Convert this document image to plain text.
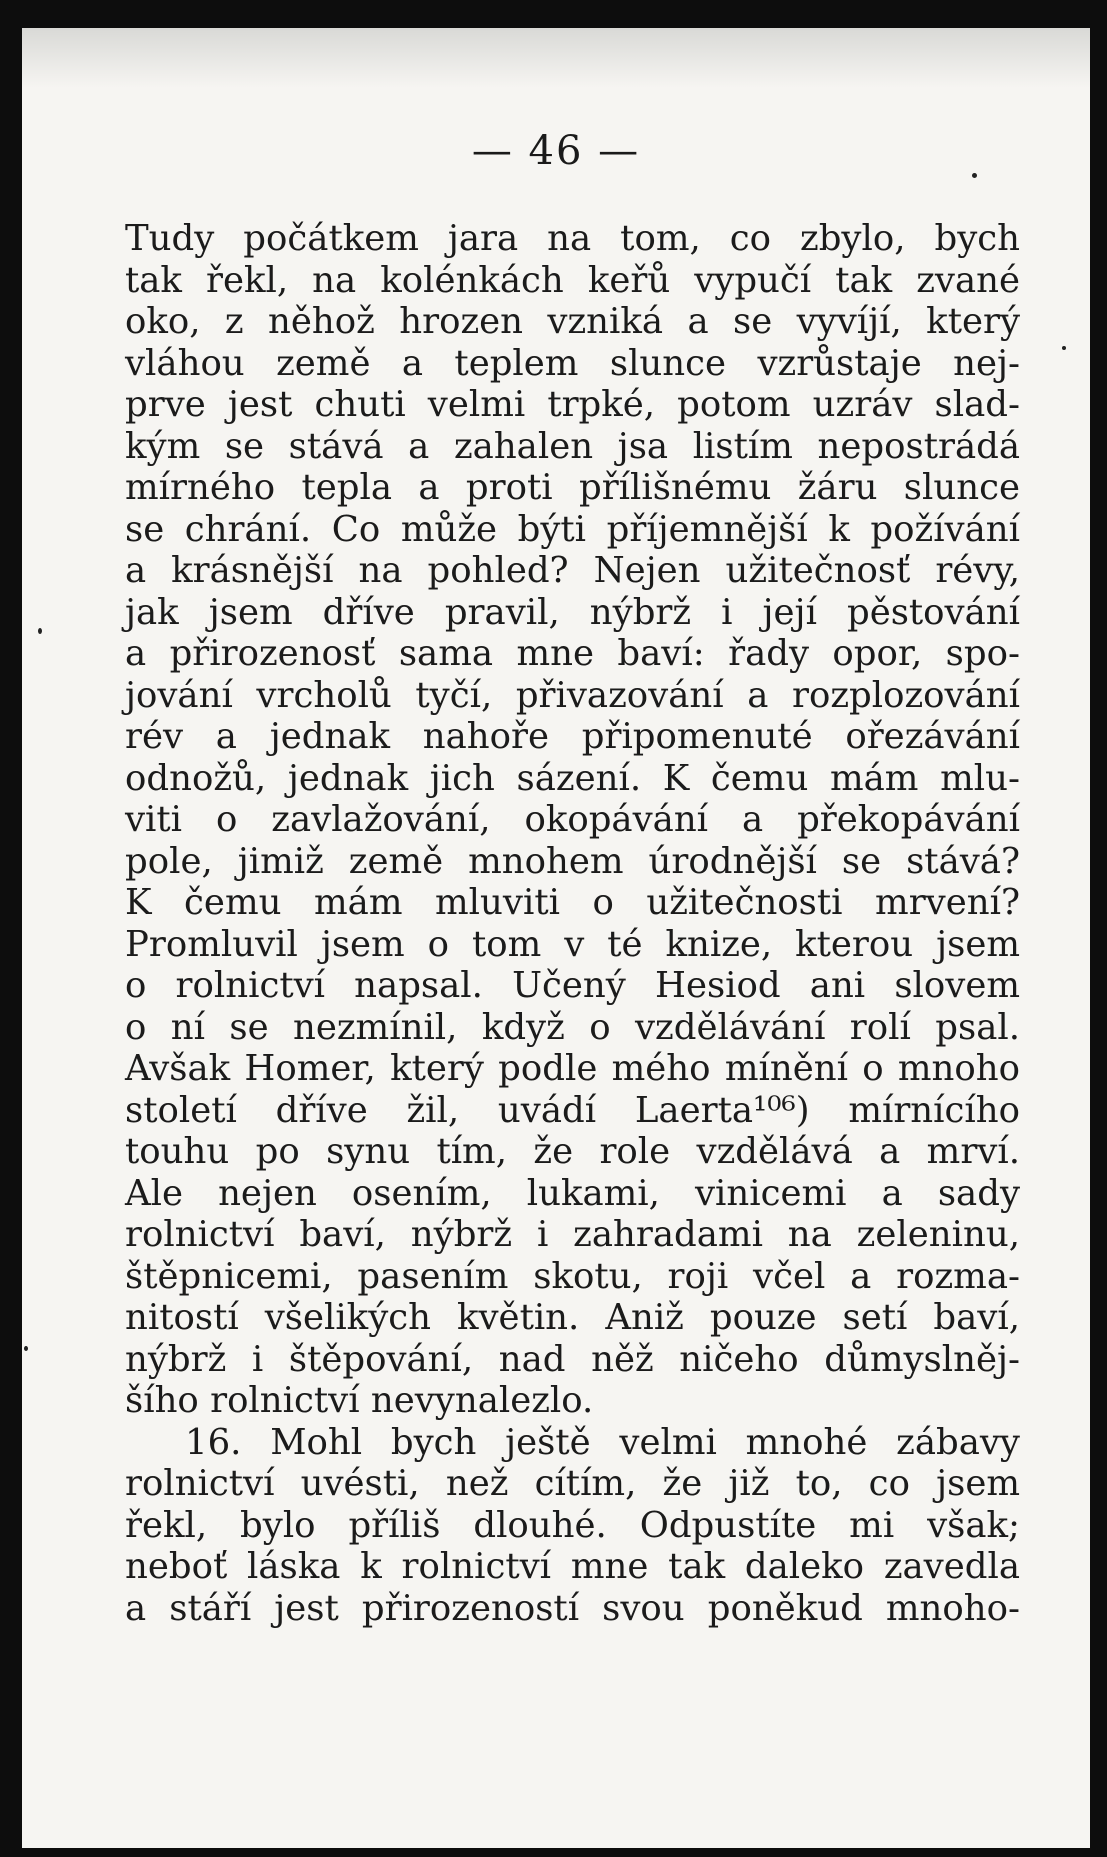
— 46 —
Tudy počátkem jara na tom, co zbylo, bych
tak řekl, na kolénkách keřů vypučí tak zvané
oko, z něhož hrozen vzniká a se vyvíjí, který
vláhou země a teplem slunce vzrůstaje nej-
prve jest chuti velmi trpké, potom uzráv slad-
kým se stává a zahalen jsa listím nepostrádá
mírného tepla a proti přílišnému žáru slunce
se chrání. Co může býti příjemnější k požívání
a krásnější na pohled? Nejen užitečnosť révy,
jak jsem dříve pravil, nýbrž i její pěstování
a přirozenosť sama mne baví: řady opor, spo-
jování vrcholů tyčí, přivazování a rozplozování
rév a jednak nahoře připomenuté ořezávání
odnožů, jednak jich sázení. K čemu mám mlu-
viti o zavlažování, okopávání a překopávání
pole, jimiž země mnohem úrodnější se stává?
K čemu mám mluviti o užitečnosti mrvení?
Promluvil jsem o tom v té knize, kterou jsem
o rolnictví napsal. Učený Hesiod ani slovem
o ní se nezmínil, když o vzdělávání rolí psal.
Avšak Homer, který podle mého mínění o mnoho
století dříve žil, uvádí Laerta¹⁰⁶) mírnícího
touhu po synu tím, že role vzdělává a mrví.
Ale nejen osením, lukami, vinicemi a sady
rolnictví baví, nýbrž i zahradami na zeleninu,
štěpnicemi, pasením skotu, roji včel a rozma-
nitostí všelikých květin. Aniž pouze setí baví,
nýbrž i štěpování, nad něž ničeho důmyslněj-
šího rolnictví nevynalezlo.
16. Mohl bych ještě velmi mnohé zábavy
rolnictví uvésti, než cítím, že již to, co jsem
řekl, bylo příliš dlouhé. Odpustíte mi však;
neboť láska k rolnictví mne tak daleko zavedla
a stáří jest přirozeností svou poněkud mnoho-
